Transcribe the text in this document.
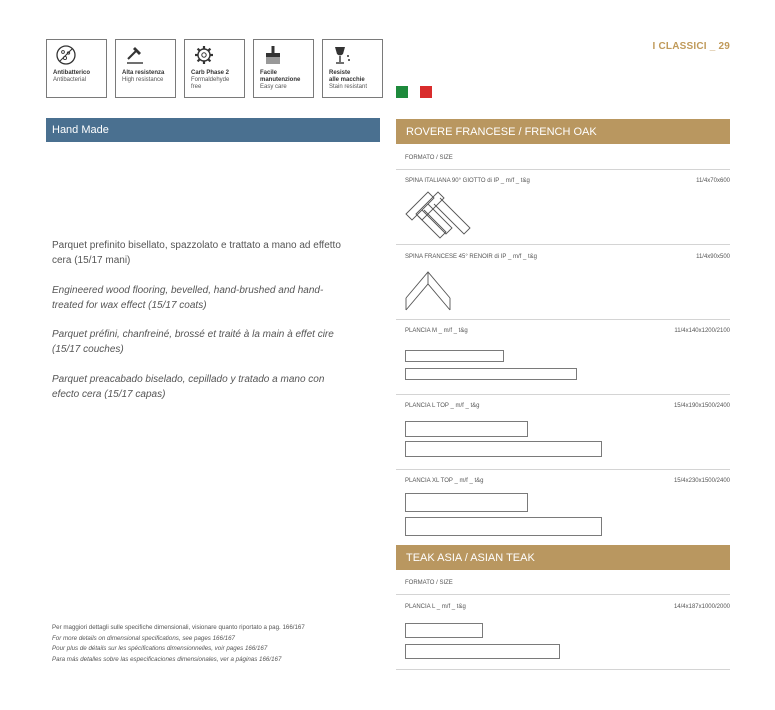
Antibatterico
Antibacterial
Alta resistenza
High resistance
Carb Phase 2
Formaldehyde
free
Facile
manutenzione
Easy care
Resiste
alle macchie
Stain resistant
I CLASSICI _ 29
Hand Made
Parquet prefinito bisellato, spazzolato e trattato a mano ad effetto cera (15/17 mani)
Engineered wood flooring, bevelled, hand-brushed and hand-treated for wax effect (15/17 coats)
Parquet préfini, chanfreiné, brossé et traité à la main à effet cire (15/17 couches)
Parquet preacabado biselado, cepillado y tratado a mano con efecto cera (15/17 capas)

Per maggiori dettagli sulle specifiche dimensionali, visionare quanto riportato a pag. 166/167

For more details on dimensional specifications, see pages 166/167

Pour plus de détails sur les spécifications dimensionnelles, voir pages 166/167

Para más detalles sobre las especificaciones dimensionales, ver a páginas 166/167

ROVERE FRANCESE / FRENCH OAK
FORMATO / SIZE
SPINA ITALIANA 90° GIOTTO di IP _ m/f _ t&g	11/4x70x600
SPINA FRANCESE 45° RENOIR di IP _ m/f _ t&g	11/4x90x500
PLANCIA M _ m/f _ t&g	11/4x140x1200/2100
PLANCIA L TOP _ m/f _ t&g	15/4x190x1500/2400
PLANCIA XL TOP _ m/f _ t&g	15/4x230x1500/2400
TEAK ASIA / ASIAN TEAK
FORMATO / SIZE
PLANCIA L _ m/f _ t&g	14/4x187x1000/2000
